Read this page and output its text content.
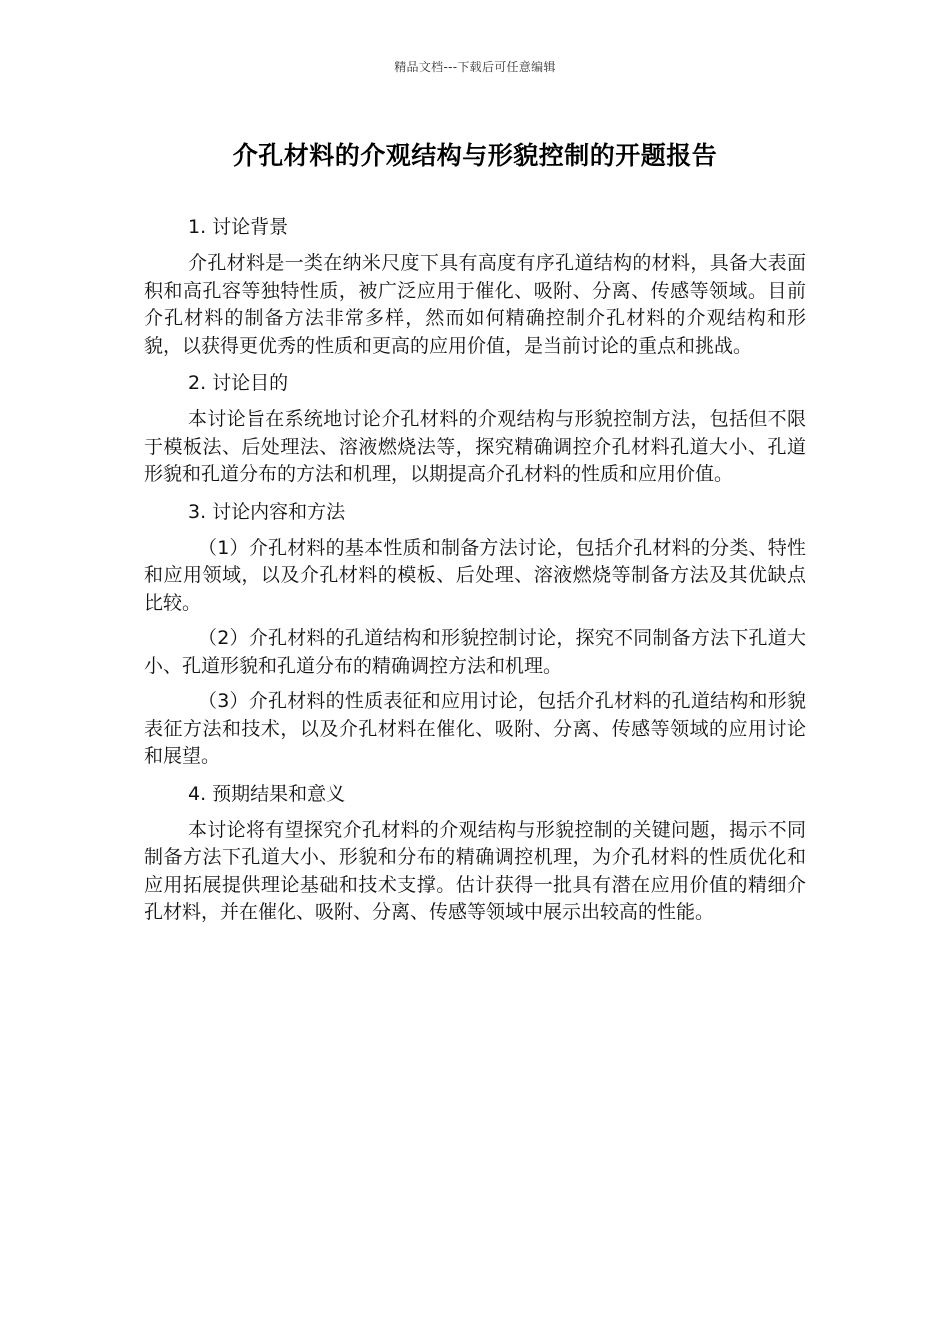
精品文档---下载后可任意编辑
介孔材料的介观结构与形貌控制的开题报告

1. 讨论背景

介孔材料是一类在纳米尺度下具有高度有序孔道结构的材料，具备大表面积和高孔容等独特性质，被广泛应用于催化、吸附、分离、传感等领域。目前介孔材料的制备方法非常多样，然而如何精确控制介孔材料的介观结构和形貌，以获得更优秀的性质和更高的应用价值，是当前讨论的重点和挑战。

2. 讨论目的

本讨论旨在系统地讨论介孔材料的介观结构与形貌控制方法，包括但不限于模板法、后处理法、溶液燃烧法等，探究精确调控介孔材料孔道大小、孔道形貌和孔道分布的方法和机理，以期提高介孔材料的性质和应用价值。

3. 讨论内容和方法

（1）介孔材料的基本性质和制备方法讨论，包括介孔材料的分类、特性和应用领域，以及介孔材料的模板、后处理、溶液燃烧等制备方法及其优缺点比较。

（2）介孔材料的孔道结构和形貌控制讨论，探究不同制备方法下孔道大小、孔道形貌和孔道分布的精确调控方法和机理。

（3）介孔材料的性质表征和应用讨论，包括介孔材料的孔道结构和形貌表征方法和技术，以及介孔材料在催化、吸附、分离、传感等领域的应用讨论和展望。

4. 预期结果和意义

本讨论将有望探究介孔材料的介观结构与形貌控制的关键问题，揭示不同制备方法下孔道大小、形貌和分布的精确调控机理，为介孔材料的性质优化和应用拓展提供理论基础和技术支撑。估计获得一批具有潜在应用价值的精细介孔材料，并在催化、吸附、分离、传感等领域中展示出较高的性能。
